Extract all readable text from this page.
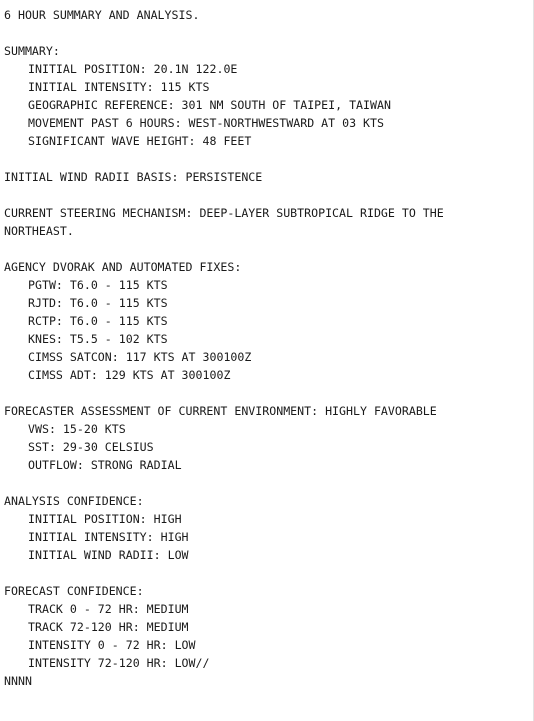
6 HOUR SUMMARY AND ANALYSIS.
SUMMARY:
INITIAL POSITION: 20.1N 122.0E
INITIAL INTENSITY: 115 KTS
GEOGRAPHIC REFERENCE: 301 NM SOUTH OF TAIPEI, TAIWAN
MOVEMENT PAST 6 HOURS: WEST-NORTHWESTWARD AT 03 KTS
SIGNIFICANT WAVE HEIGHT: 48 FEET
INITIAL WIND RADII BASIS: PERSISTENCE
CURRENT STEERING MECHANISM: DEEP-LAYER SUBTROPICAL RIDGE TO THE
NORTHEAST.
AGENCY DVORAK AND AUTOMATED FIXES:
PGTW: T6.0 - 115 KTS
RJTD: T6.0 - 115 KTS
RCTP: T6.0 - 115 KTS
KNES: T5.5 - 102 KTS
CIMSS SATCON: 117 KTS AT 300100Z
CIMSS ADT: 129 KTS AT 300100Z
FORECASTER ASSESSMENT OF CURRENT ENVIRONMENT: HIGHLY FAVORABLE
VWS: 15-20 KTS
SST: 29-30 CELSIUS
OUTFLOW: STRONG RADIAL
ANALYSIS CONFIDENCE:
INITIAL POSITION: HIGH
INITIAL INTENSITY: HIGH
INITIAL WIND RADII: LOW
FORECAST CONFIDENCE:
TRACK 0 - 72 HR: MEDIUM
TRACK 72-120 HR: MEDIUM
INTENSITY 0 - 72 HR: LOW
INTENSITY 72-120 HR: LOW//
NNNN
